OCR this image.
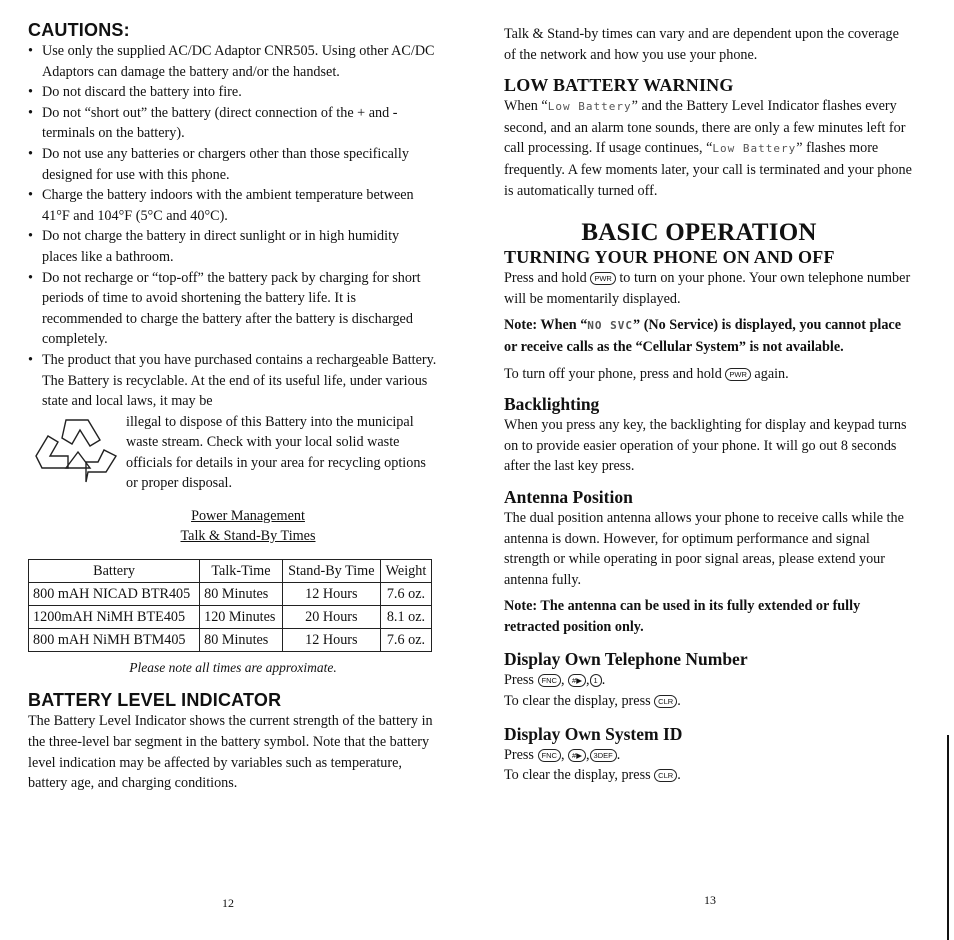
CAUTIONS:
• Use only the supplied AC/DC Adaptor CNR505. Using other AC/DC Adaptors can damage the battery and/or the handset.
• Do not discard the battery into fire.
• Do not “short out” the battery (direct connection of the + and - terminals on the battery).
• Do not use any batteries or chargers other than those specifically designed for use with this phone.
• Charge the battery indoors with the ambient temperature between 41°F and 104°F (5°C and 40°C).
• Do not charge the battery in direct sunlight or in high humidity places like a bathroom.
• Do not recharge or “top-off” the battery pack by charging for short periods of time to avoid shortening the battery life. It is recommended to charge the battery after the battery is discharged completely.

• The product that you have purchased contains a rechargeable Battery. The Battery is recyclable. At the end of its useful life, under various state and local laws, it may be

illegal to dispose of this Battery into the municipal waste stream. Check with your local solid waste officials for details in your area for recycling options or proper disposal.

Power Management

Talk & Stand-By Times

Battery	Talk-Time	Stand-By Time	Weight
800 mAH NICAD BTR405	80 Minutes	12 Hours	7.6 oz.
1200mAH NiMH BTE405	120 Minutes	20 Hours	8.1 oz.
800 mAH NiMH BTM405	80 Minutes	12 Hours	7.6 oz.

Please note all times are approximate.

BATTERY LEVEL INDICATOR

The Battery Level Indicator shows the current strength of the battery in the three-level bar segment in the battery symbol. Note that the battery level indication may be affected by variables such as temperature, battery age, and charging conditions.

12

Talk & Stand-by times can vary and are dependent upon the coverage of the network and how you use your phone.

LOW BATTERY WARNING

When “Low Battery” and the Battery Level Indicator flashes every second, and an alarm tone sounds, there are only a few minutes left for call processing. If usage continues, “Low Battery” flashes more frequently. A few moments later, your call is terminated and your phone is automatically turned off.

BASIC OPERATION
TURNING YOUR PHONE ON AND OFF

Press and hold PWR to turn on your phone. Your own telephone number will be momentarily displayed.

Note: When “NO SVC” (No Service) is displayed, you cannot place or receive calls as the “Cellular System” is not available.

To turn off your phone, press and hold PWR again.

Backlighting

When you press any key, the backlighting for display and keypad turns on to provide easier operation of your phone. It will go out 8 seconds after the last key press.

Antenna Position

The dual position antenna allows your phone to receive calls while the antenna is down. However, for optimum performance and signal strength or while operating in poor signal areas, please extend your antenna fully.

Note: The antenna can be used in its fully extended or fully retracted position only.

Display Own Telephone Number

Press FNC , #▶ , 1 .

To clear the display, press CLR .

Display Own System ID

Press FNC , #▶ , 3DEF .

To clear the display, press CLR .

13
